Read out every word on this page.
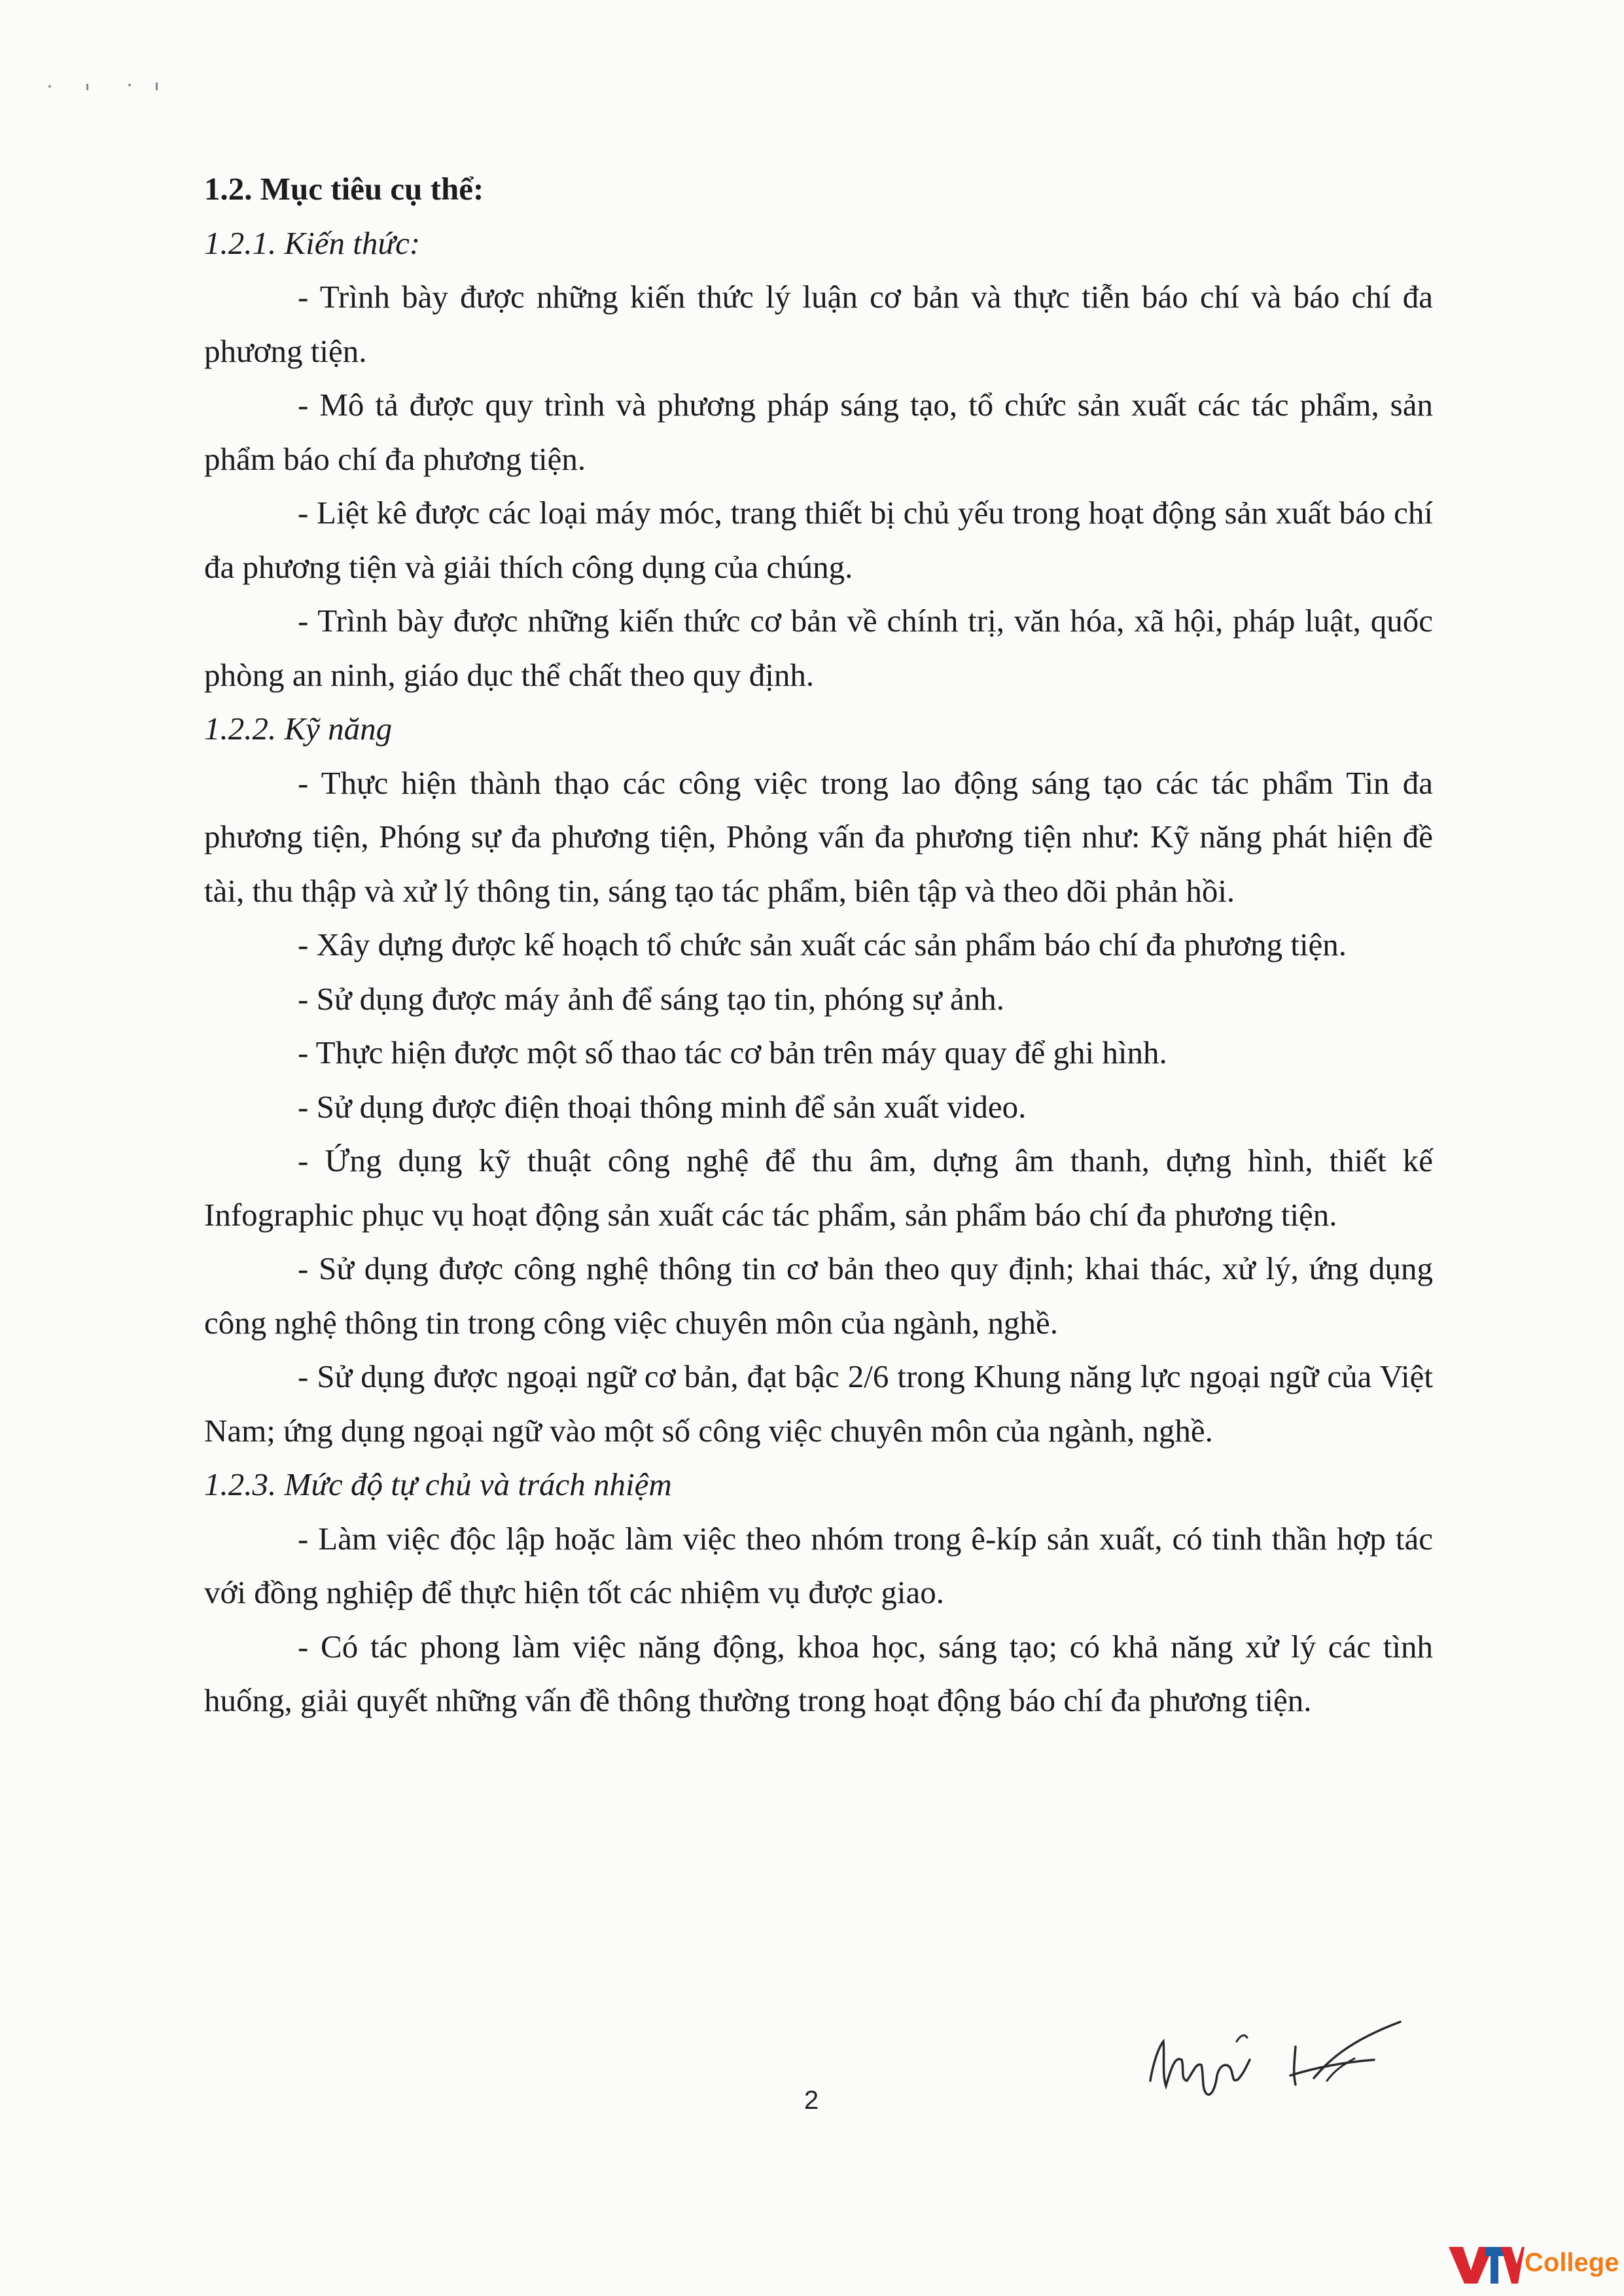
1.2. Mục tiêu cụ thể:

1.2.1. Kiến thức:

- Trình bày được những kiến thức lý luận cơ bản và thực tiễn báo chí và báo chí đa phương tiện.

- Mô tả được quy trình và phương pháp sáng tạo, tổ chức sản xuất các tác phẩm, sản phẩm báo chí đa phương tiện.

- Liệt kê được các loại máy móc, trang thiết bị chủ yếu trong hoạt động sản xuất báo chí đa phương tiện và giải thích công dụng của chúng.

- Trình bày được những kiến thức cơ bản về chính trị, văn hóa, xã hội, pháp luật, quốc phòng an ninh, giáo dục thể chất theo quy định.

1.2.2. Kỹ năng

- Thực hiện thành thạo các công việc trong lao động sáng tạo các tác phẩm Tin đa phương tiện, Phóng sự đa phương tiện, Phỏng vấn đa phương tiện như: Kỹ năng phát hiện đề tài, thu thập và xử lý thông tin, sáng tạo tác phẩm, biên tập và theo dõi phản hồi.

- Xây dựng được kế hoạch tổ chức sản xuất các sản phẩm báo chí đa phương tiện.

- Sử dụng được máy ảnh để sáng tạo tin, phóng sự ảnh.

- Thực hiện được một số thao tác cơ bản trên máy quay để ghi hình.

- Sử dụng được điện thoại thông minh để sản xuất video.

- Ứng dụng kỹ thuật công nghệ để thu âm, dựng âm thanh, dựng hình, thiết kế Infographic phục vụ hoạt động sản xuất các tác phẩm, sản phẩm báo chí đa phương tiện.

- Sử dụng được công nghệ thông tin cơ bản theo quy định; khai thác, xử lý, ứng dụng công nghệ thông tin trong công việc chuyên môn của ngành, nghề.

- Sử dụng được ngoại ngữ cơ bản, đạt bậc 2/6 trong Khung năng lực ngoại ngữ của Việt Nam; ứng dụng ngoại ngữ vào một số công việc chuyên môn của ngành, nghề.

1.2.3. Mức độ tự chủ và trách nhiệm

- Làm việc độc lập hoặc làm việc theo nhóm trong ê-kíp sản xuất, có tinh thần hợp tác với đồng nghiệp để thực hiện tốt các nhiệm vụ được giao.

- Có tác phong làm việc năng động, khoa học, sáng tạo; có khả năng xử lý các tình huống, giải quyết những vấn đề thông thường trong hoạt động báo chí đa phương tiện.

2
College
